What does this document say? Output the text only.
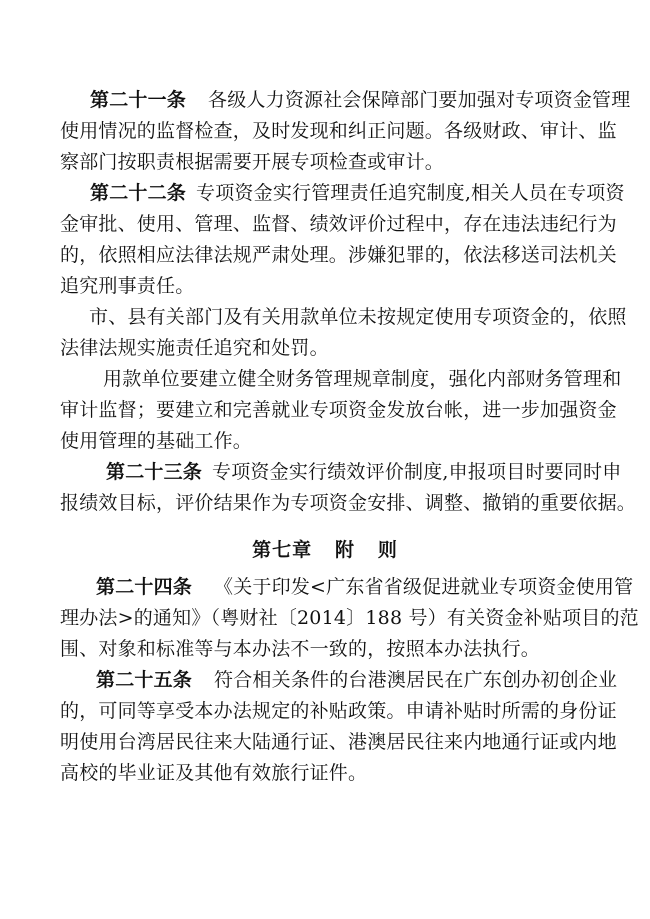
第二十一条 各级人力资源社会保障部门要加强对专项资金管理
使用情况的监督检查，及时发现和纠正问题。各级财政、审计、监
察部门按职责根据需要开展专项检查或审计。
第二十二条 专项资金实行管理责任追究制度,相关人员在专项资
金审批、使用、管理、监督、绩效评价过程中，存在违法违纪行为
的，依照相应法律法规严肃处理。涉嫌犯罪的，依法移送司法机关
追究刑事责任。
市、县有关部门及有关用款单位未按规定使用专项资金的，依照
法律法规实施责任追究和处罚。
用款单位要建立健全财务管理规章制度，强化内部财务管理和
审计监督；要建立和完善就业专项资金发放台帐，进一步加强资金
使用管理的基础工作。
第二十三条 专项资金实行绩效评价制度,申报项目时要同时申
报绩效目标，评价结果作为专项资金安排、调整、撤销的重要依据。
第七章   附   则
第二十四条 《关于印发<广东省省级促进就业专项资金使用管
理办法>的通知》（粤财社〔2014〕188 号）有关资金补贴项目的范
围、对象和标准等与本办法不一致的，按照本办法执行。
第二十五条 符合相关条件的台港澳居民在广东创办初创企业
的，可同等享受本办法规定的补贴政策。申请补贴时所需的身份证
明使用台湾居民往来大陆通行证、港澳居民往来内地通行证或内地
高校的毕业证及其他有效旅行证件。
